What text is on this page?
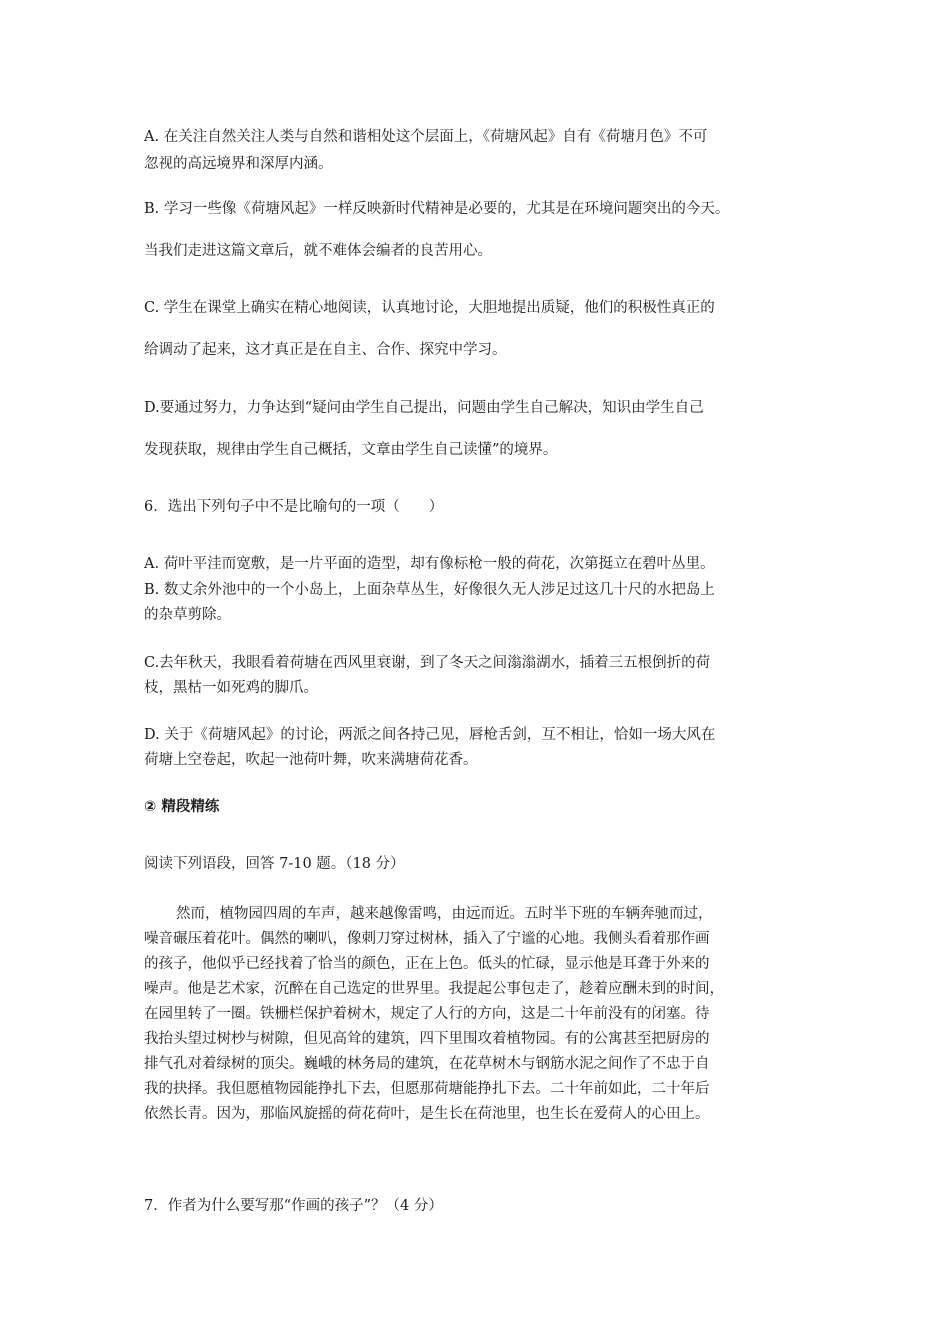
A. 在关注自然关注人类与自然和谐相处这个层面上，《荷塘风起》自有《荷塘月色》不可
忽视的高远境界和深厚内涵。
B. 学习一些像《荷塘风起》一样反映新时代精神是必要的，尤其是在环境问题突出的今天。
当我们走进这篇文章后，就不难体会编者的良苦用心。
C. 学生在课堂上确实在精心地阅读，认真地讨论，大胆地提出质疑，他们的积极性真正的
给调动了起来，这才真正是在自主、合作、探究中学习。
D.要通过努力，力争达到“疑问由学生自己提出，问题由学生自己解决，知识由学生自己
发现获取，规律由学生自己概括，文章由学生自己读懂”的境界。
6．选出下列句子中不是比喻句的一项（　　）
A. 荷叶平洼而宽敷，是一片平面的造型，却有像标枪一般的荷花，次第挺立在碧叶丛里。
B. 数丈余外池中的一个小岛上，上面杂草丛生，好像很久无人涉足过这几十尺的水把岛上
的杂草剪除。
C.去年秋天，我眼看着荷塘在西风里衰谢，到了冬天之间滃滃湖水，插着三五根倒折的荷
枝，黑枯一如死鸡的脚爪。
D. 关于《荷塘风起》的讨论，两派之间各持己见，唇枪舌剑，互不相让，恰如一场大风在
荷塘上空卷起，吹起一池荷叶舞，吹来满塘荷花香。
② 精段精练
阅读下列语段，回答 7-10 题。（18 分）
然而，植物园四周的车声，越来越像雷鸣，由远而近。五时半下班的车辆奔驰而过，
噪音碾压着花叶。偶然的喇叭，像刺刀穿过树林，插入了宁谧的心地。我侧头看着那作画
的孩子，他似乎已经找着了恰当的颜色，正在上色。低头的忙碌，显示他是耳聋于外来的
噪声。他是艺术家，沉醉在自己选定的世界里。我提起公事包走了，趁着应酬未到的时间，
在园里转了一圈。铁栅栏保护着树木，规定了人行的方向，这是二十年前没有的闭塞。待
我抬头望过树杪与树隙，但见高耸的建筑，四下里围攻着植物园。有的公寓甚至把厨房的
排气孔对着绿树的顶尖。巍峨的林务局的建筑，在花草树木与钢筋水泥之间作了不忠于自
我的抉择。我但愿植物园能挣扎下去，但愿那荷塘能挣扎下去。二十年前如此，二十年后
依然长青。因为，那临风旋摇的荷花荷叶，是生长在荷池里，也生长在爱荷人的心田上。
7．作者为什么要写那“作画的孩子”？（4 分）
